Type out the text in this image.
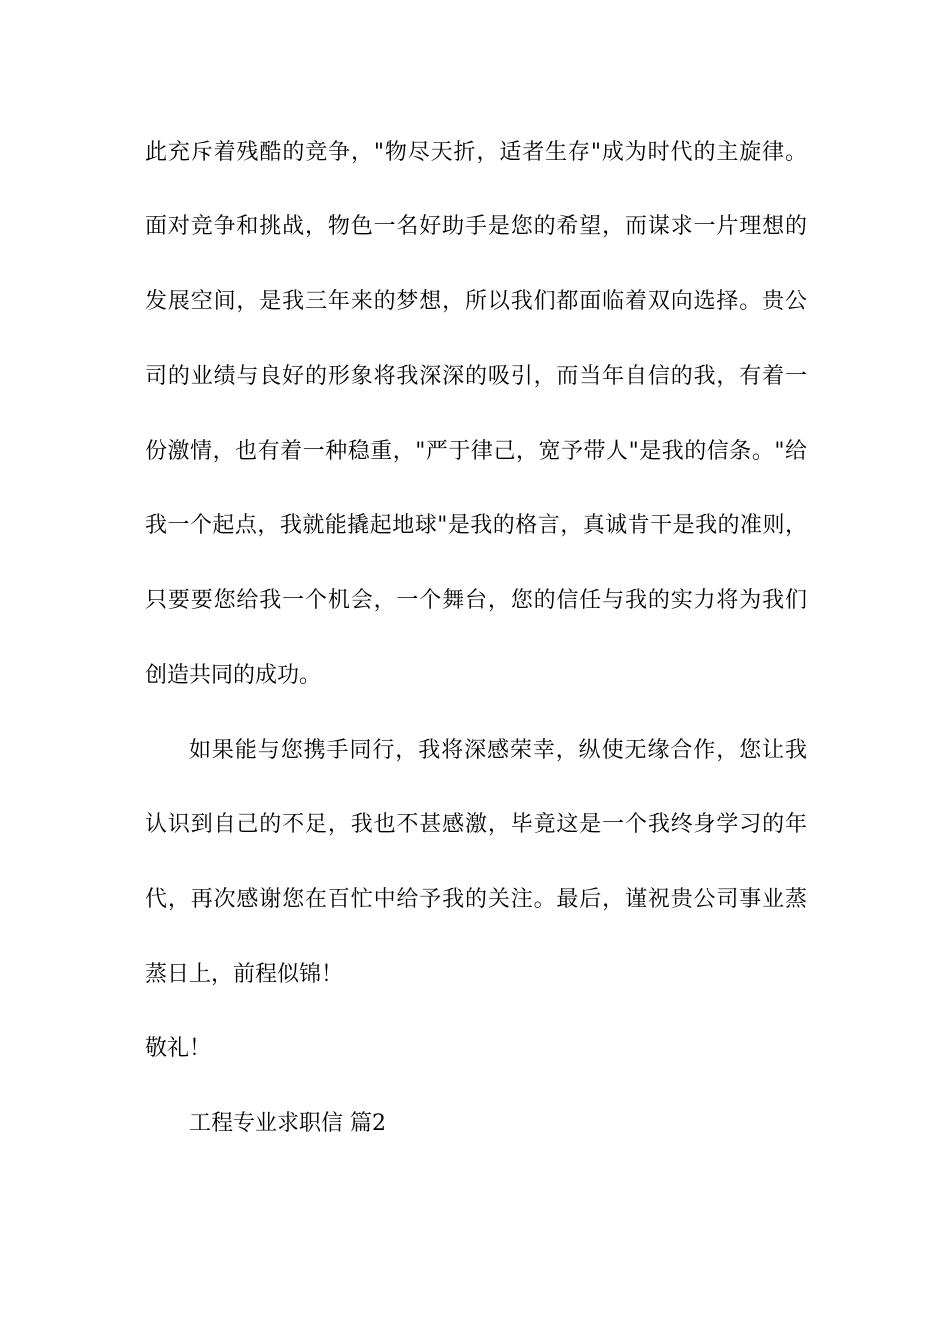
此充斥着残酷的竞争，"物尽天折，适者生存"成为时代的主旋律。
面对竞争和挑战，物色一名好助手是您的希望，而谋求一片理想的
发展空间，是我三年来的梦想，所以我们都面临着双向选择。贵公
司的业绩与良好的形象将我深深的吸引，而当年自信的我，有着一
份激情，也有着一种稳重，"严于律己，宽予带人"是我的信条。"给
我一个起点，我就能撬起地球"是我的格言，真诚肯干是我的准则，
只要要您给我一个机会，一个舞台，您的信任与我的实力将为我们
创造共同的成功。
如果能与您携手同行，我将深感荣幸，纵使无缘合作，您让我
认识到自己的不足，我也不甚感激，毕竟这是一个我终身学习的年
代，再次感谢您在百忙中给予我的关注。最后，谨祝贵公司事业蒸
蒸日上，前程似锦！
敬礼！
工程专业求职信 篇2
